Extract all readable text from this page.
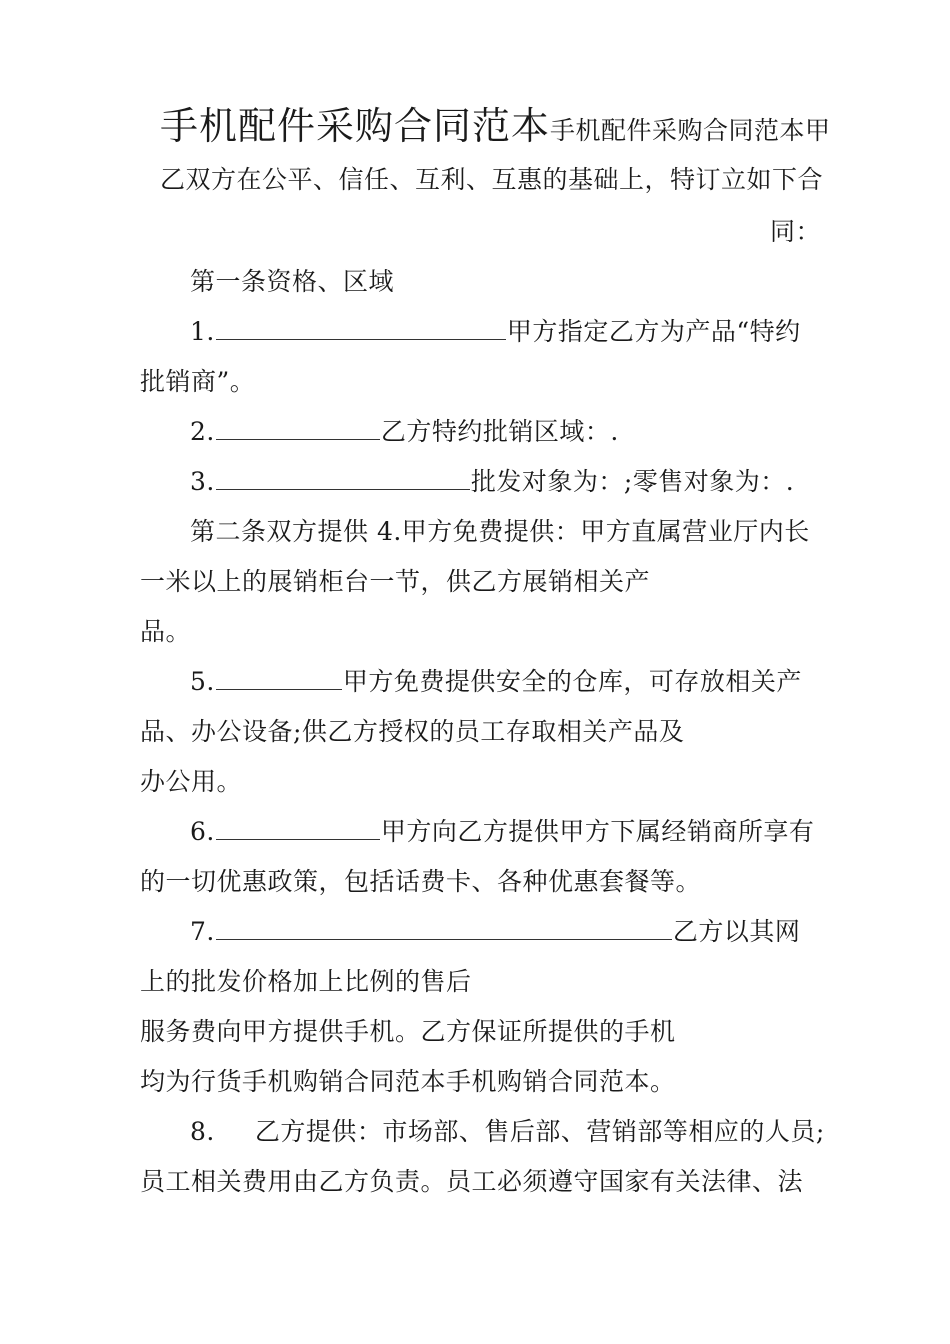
手机配件采购合同范本手机配件采购合同范本甲
乙双方在公平、信任、互利、互惠的基础上，特订立如下合
同：
第一条资格、区域
1.	甲方指定乙方为产品“特约
批销商”。
2.	乙方特约批销区域：.
3.	批发对象为：;零售对象为：.
第二条双方提供 4.甲方免费提供：甲方直属营业厅内长
一米以上的展销柜台一节，供乙方展销相关产
品。
5.	甲方免费提供安全的仓库，可存放相关产
品、办公设备;供乙方授权的员工存取相关产品及
办公用。
6.	甲方向乙方提供甲方下属经销商所享有
的一切优惠政策，包括话费卡、各种优惠套餐等。
7.	乙方以其网
上的批发价格加上比例的售后
服务费向甲方提供手机。乙方保证所提供的手机
均为行货手机购销合同范本手机购销合同范本。
8. 乙方提供：市场部、售后部、营销部等相应的人员;
员工相关费用由乙方负责。员工必须遵守国家有关法律、法
